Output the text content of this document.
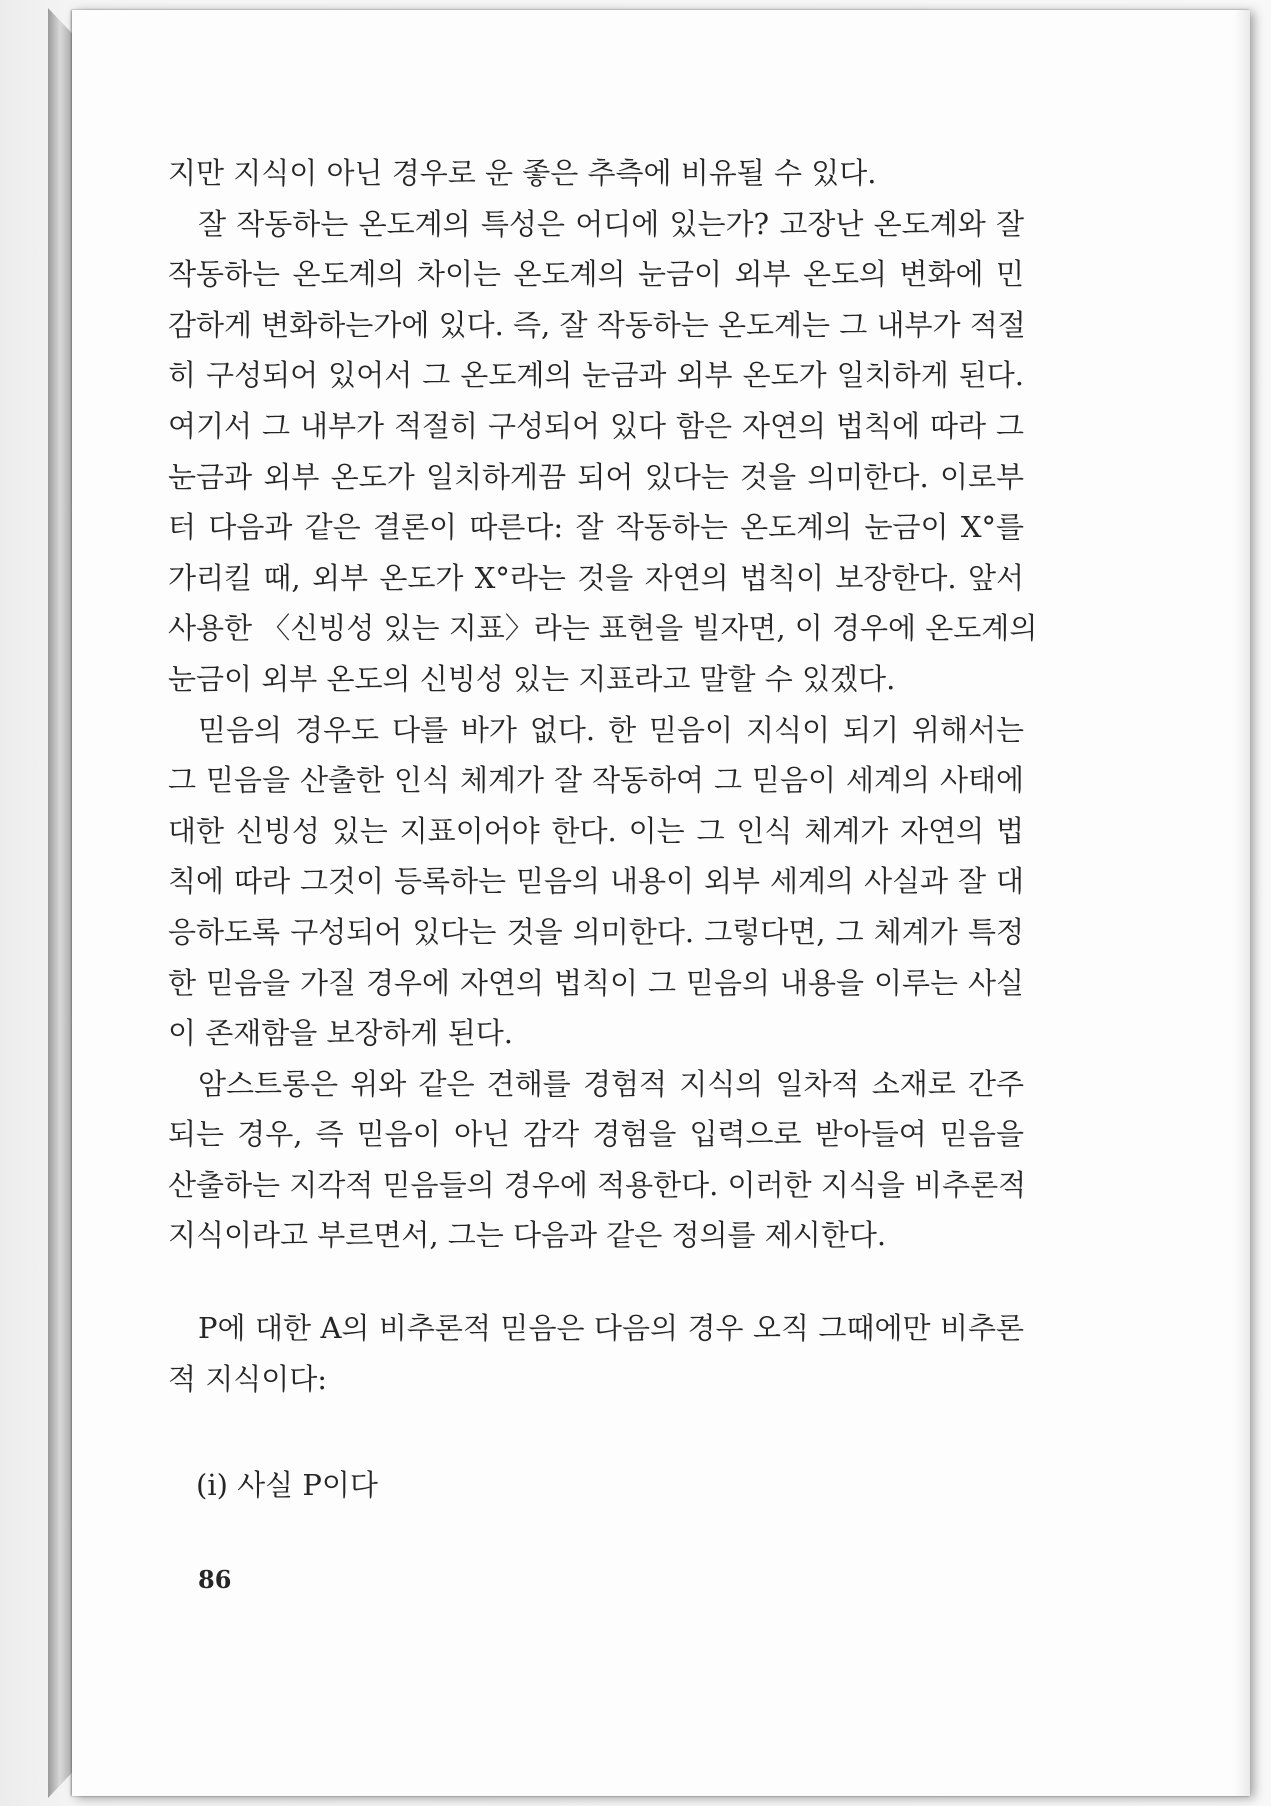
지만 지식이 아닌 경우로 운 좋은 추측에 비유될 수 있다.
잘 작동하는 온도계의 특성은 어디에 있는가? 고장난 온도계와 잘
작동하는 온도계의 차이는 온도계의 눈금이 외부 온도의 변화에 민
감하게 변화하는가에 있다. 즉, 잘 작동하는 온도계는 그 내부가 적절
히 구성되어 있어서 그 온도계의 눈금과 외부 온도가 일치하게 된다.
여기서 그 내부가 적절히 구성되어 있다 함은 자연의 법칙에 따라 그
눈금과 외부 온도가 일치하게끔 되어 있다는 것을 의미한다. 이로부
터 다음과 같은 결론이 따른다: 잘 작동하는 온도계의 눈금이 X°를
가리킬 때, 외부 온도가 X°라는 것을 자연의 법칙이 보장한다. 앞서
사용한 〈신빙성 있는 지표〉라는 표현을 빌자면, 이 경우에 온도계의
눈금이 외부 온도의 신빙성 있는 지표라고 말할 수 있겠다.
믿음의 경우도 다를 바가 없다. 한 믿음이 지식이 되기 위해서는
그 믿음을 산출한 인식 체계가 잘 작동하여 그 믿음이 세계의 사태에
대한 신빙성 있는 지표이어야 한다. 이는 그 인식 체계가 자연의 법
칙에 따라 그것이 등록하는 믿음의 내용이 외부 세계의 사실과 잘 대
응하도록 구성되어 있다는 것을 의미한다. 그렇다면, 그 체계가 특정
한 믿음을 가질 경우에 자연의 법칙이 그 믿음의 내용을 이루는 사실
이 존재함을 보장하게 된다.
암스트롱은 위와 같은 견해를 경험적 지식의 일차적 소재로 간주
되는 경우, 즉 믿음이 아닌 감각 경험을 입력으로 받아들여 믿음을
산출하는 지각적 믿음들의 경우에 적용한다. 이러한 지식을 비추론적
지식이라고 부르면서, 그는 다음과 같은 정의를 제시한다.
P에 대한 A의 비추론적 믿음은 다음의 경우 오직 그때에만 비추론
적 지식이다:
(i) 사실 P이다
86
